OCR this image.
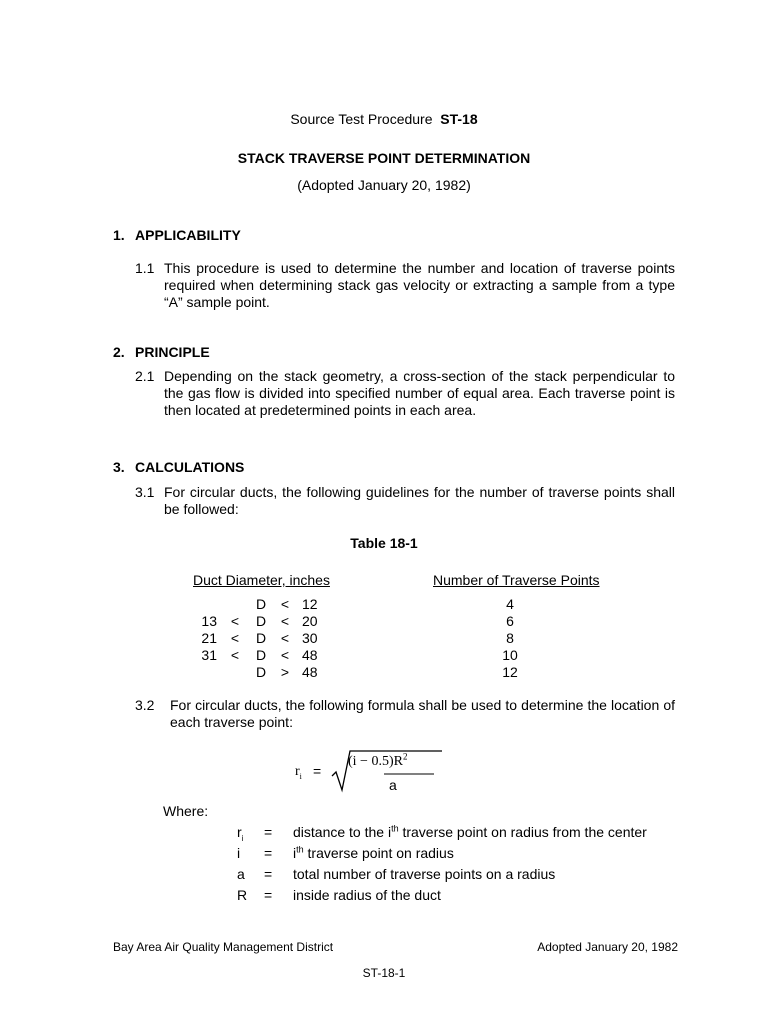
Source Test Procedure ST-18
STACK TRAVERSE POINT DETERMINATION
(Adopted January 20, 1982)
1. APPLICABILITY
1.1 This procedure is used to determine the number and location of traverse points required when determining stack gas velocity or extracting a sample from a type “A” sample point.
2. PRINCIPLE
2.1 Depending on the stack geometry, a cross-section of the stack perpendicular to the gas flow is divided into specified number of equal area. Each traverse point is then located at predetermined points in each area.
3. CALCULATIONS
3.1 For circular ducts, the following guidelines for the number of traverse points shall be followed:
Table 18-1
Duct Diameter, inches	Number of Traverse Points
D < 12	4
13 < D < 20	6
21 < D < 30	8
31 < D < 48	10
D > 48	12
3.2 For circular ducts, the following formula shall be used to determine the location of each traverse point:
$r_i$ =
$(i - 0.5)R^2$
a
Where:
$r_i$ = distance to the $i^{th}$ traverse point on radius from the center
$i = i^{th}$ traverse point on radius
a = total number of traverse points on a radius
R = inside radius of the duct
Bay Area Air Quality Management District	Adopted January 20, 1982
ST-18-1
